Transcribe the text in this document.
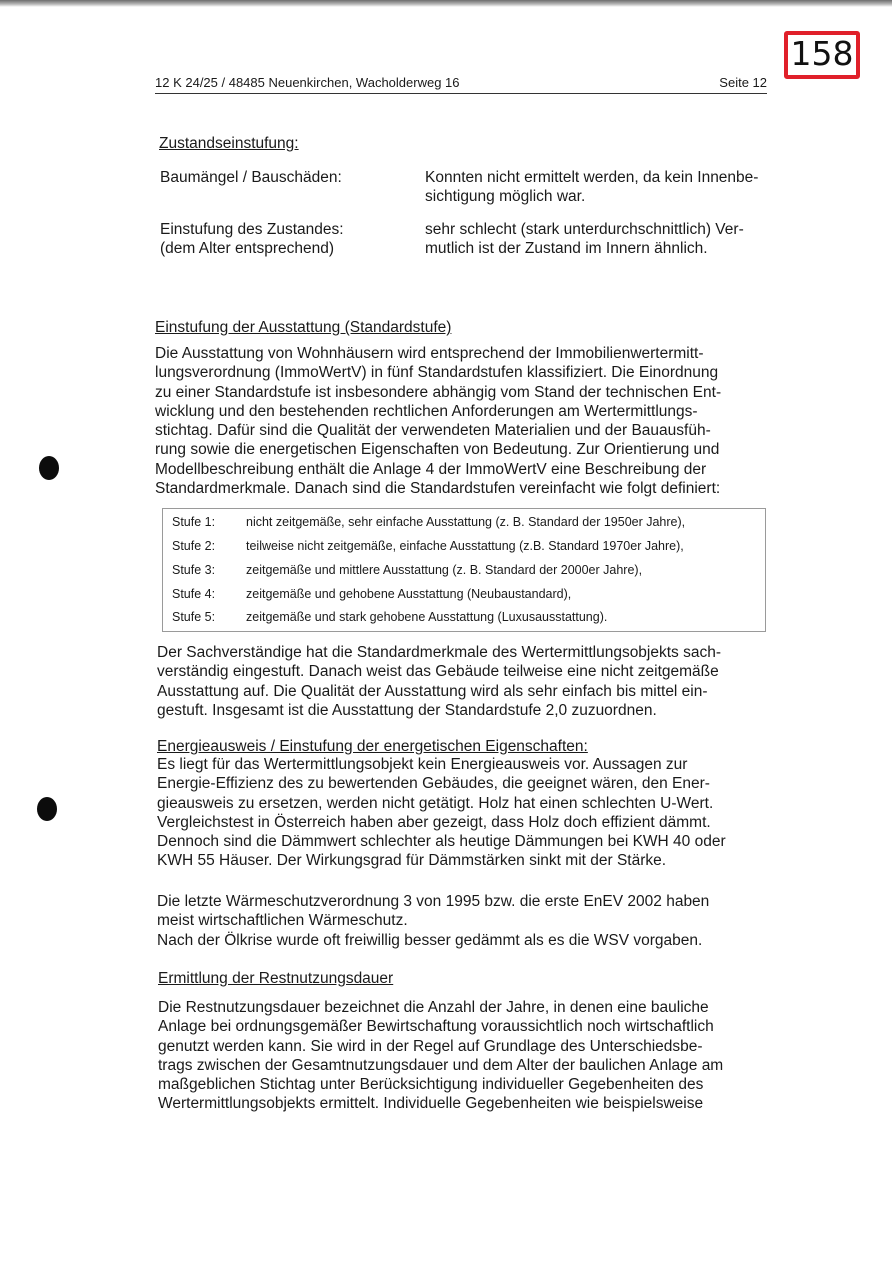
158
12 K 24/25 / 48485 Neuenkirchen, Wacholderweg 16	Seite 12
Zustandseinstufung:
Baumängel / Bauschäden:	Konnten nicht ermittelt werden, da kein Innenbe-
sichtigung möglich war.
Einstufung des Zustandes:
(dem Alter entsprechend)
sehr schlecht (stark unterdurchschnittlich) Ver-
mutlich ist der Zustand im Innern ähnlich.
Einstufung der Ausstattung (Standardstufe)
Die Ausstattung von Wohnhäusern wird entsprechend der Immobilienwertermitt-
lungsverordnung (ImmoWertV) in fünf Standardstufen klassifiziert. Die Einordnung
zu einer Standardstufe ist insbesondere abhängig vom Stand der technischen Ent-
wicklung und den bestehenden rechtlichen Anforderungen am Wertermittlungs-
stichtag. Dafür sind die Qualität der verwendeten Materialien und der Bauausfüh-
rung sowie die energetischen Eigenschaften von Bedeutung. Zur Orientierung und
Modellbeschreibung enthält die Anlage 4 der ImmoWertV eine Beschreibung der
Standardmerkmale. Danach sind die Standardstufen vereinfacht wie folgt definiert:
Stufe 1: nicht zeitgemäße, sehr einfache Ausstattung (z. B. Standard der 1950er Jahre),
Stufe 2: teilweise nicht zeitgemäße, einfache Ausstattung (z.B. Standard 1970er Jahre),
Stufe 3: zeitgemäße und mittlere Ausstattung (z. B. Standard der 2000er Jahre),
Stufe 4: zeitgemäße und gehobene Ausstattung (Neubaustandard),
Stufe 5: zeitgemäße und stark gehobene Ausstattung (Luxusausstattung).
Der Sachverständige hat die Standardmerkmale des Wertermittlungsobjekts sach-
verständig eingestuft. Danach weist das Gebäude teilweise eine nicht zeitgemäße
Ausstattung auf. Die Qualität der Ausstattung wird als sehr einfach bis mittel ein-
gestuft. Insgesamt ist die Ausstattung der Standardstufe 2,0 zuzuordnen.
Energieausweis / Einstufung der energetischen Eigenschaften:
Es liegt für das Wertermittlungsobjekt kein Energieausweis vor. Aussagen zur
Energie-Effizienz des zu bewertenden Gebäudes, die geeignet wären, den Ener-
gieausweis zu ersetzen, werden nicht getätigt. Holz hat einen schlechten U-Wert.
Vergleichstest in Österreich haben aber gezeigt, dass Holz doch effizient dämmt.
Dennoch sind die Dämmwert schlechter als heutige Dämmungen bei KWH 40 oder
KWH 55 Häuser. Der Wirkungsgrad für Dämmstärken sinkt mit der Stärke.
Die letzte Wärmeschutzverordnung 3 von 1995 bzw. die erste EnEV 2002 haben
meist wirtschaftlichen Wärmeschutz.
Nach der Ölkrise wurde oft freiwillig besser gedämmt als es die WSV vorgaben.
Ermittlung der Restnutzungsdauer
Die Restnutzungsdauer bezeichnet die Anzahl der Jahre, in denen eine bauliche
Anlage bei ordnungsgemäßer Bewirtschaftung voraussichtlich noch wirtschaftlich
genutzt werden kann. Sie wird in der Regel auf Grundlage des Unterschiedsbe-
trags zwischen der Gesamtnutzungsdauer und dem Alter der baulichen Anlage am
maßgeblichen Stichtag unter Berücksichtigung individueller Gegebenheiten des
Wertermittlungsobjekts ermittelt. Individuelle Gegebenheiten wie beispielsweise
